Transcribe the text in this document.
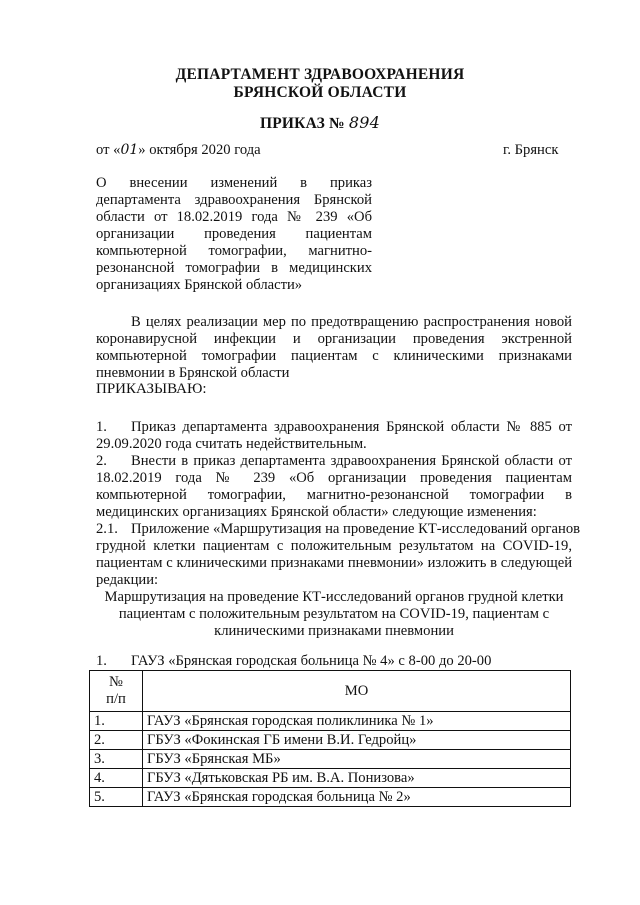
ДЕПАРТАМЕНТ ЗДРАВООХРАНЕНИЯ
БРЯНСКОЙ ОБЛАСТИ
ПРИКАЗ № 894
от «01» октября 2020 года	г. Брянск
О внесении изменений в приказ
департамента здравоохранения Брянской
области от 18.02.2019 года № 239 «Об
организации проведения пациентам
компьютерной томографии, магнитно-
резонансной томографии в медицинских
организациях Брянской области»
В целях реализации мер по предотвращению распространения новой
коронавирусной инфекции и организации проведения экстренной
компьютерной томографии пациентам с клиническими признаками
пневмонии в Брянской области
ПРИКАЗЫВАЮ:
1. Приказ департамента здравоохранения Брянской области № 885 от
29.09.2020 года считать недействительным.
2. Внести в приказ департамента здравоохранения Брянской области от
18.02.2019 года № 239 «Об организации проведения пациентам
компьютерной томографии, магнитно-резонансной томографии в
медицинских организациях Брянской области» следующие изменения:
2.1. Приложение «Маршрутизация на проведение КТ-исследований органов
грудной клетки пациентам с положительным результатом на COVID-19,
пациентам с клиническими признаками пневмонии» изложить в следующей
редакции:
Маршрутизация на проведение КТ-исследований органов грудной клетки
пациентам с положительным результатом на COVID-19, пациентам с
клиническими признаками пневмонии
1. ГАУЗ «Брянская городская больница № 4» с 8-00 до 20-00
№
п/п	МО
1.	ГАУЗ «Брянская городская поликлиника № 1»
2.	ГБУЗ «Фокинская ГБ имени В.И. Гедройц»
3.	ГБУЗ «Брянская МБ»
4.	ГБУЗ «Дятьковская РБ им. В.А. Понизова»
5.	ГАУЗ «Брянская городская больница № 2»
